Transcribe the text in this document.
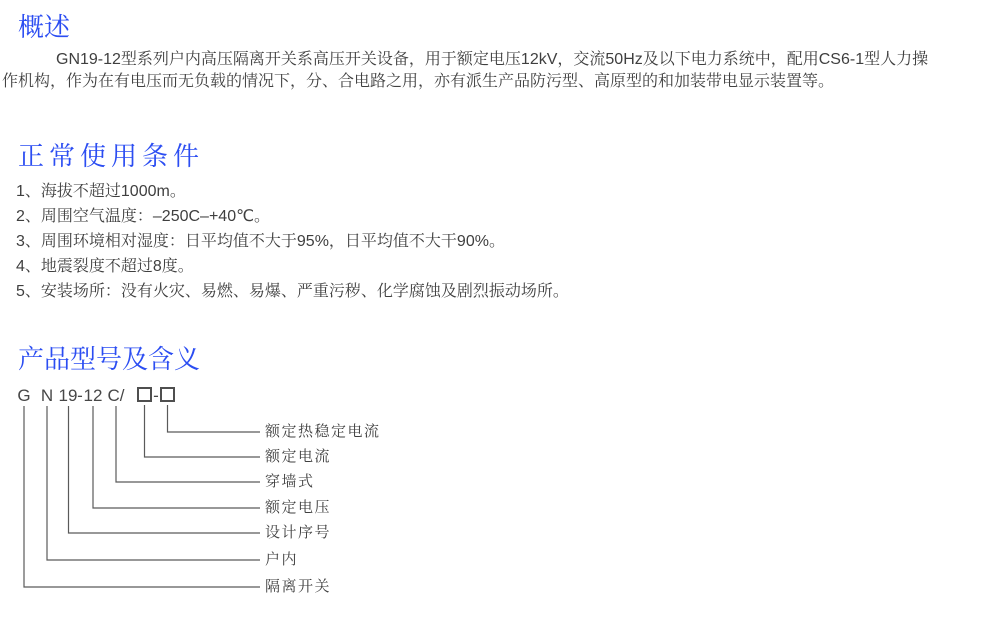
概述
GN19-12型系列户内高压隔离开关系高压开关设备，用于额定电压12kV，交流50Hz及以下电力系统中，配用CS6-1型人力操
作机构，作为在有电压而无负载的情况下，分、合电路之用，亦有派生产品防污型、高原型的和加装带电显示装置等。
正常使用条件
1、海拔不超过1000m。
2、周围空气温度：–250C–+40℃。
3、周围环境相对湿度：日平均值不大于95%，日平均值不大干90%。
4、地震裂度不超过8度。
5、安装场所：没有火灾、易燃、易爆、严重污秽、化学腐蚀及剧烈振动场所。
产品型号及含义
G N 19 - 12 C/ -
额定热稳定电流
额定电流
穿墙式
额定电压
设计序号
户内
隔离开关
